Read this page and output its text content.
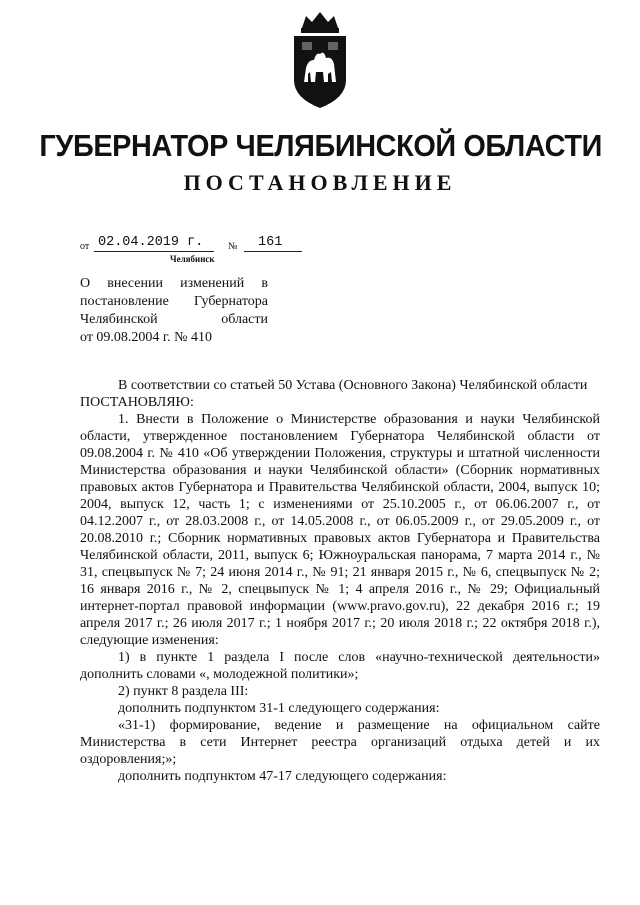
ГУБЕРНАТОР ЧЕЛЯБИНСКОЙ ОБЛАСТИ
ПОСТАНОВЛЕНИЕ
от 02.04.2019 г. № 161
Челябинск
О внесении изменений в
постановление Губернатора
Челябинской области
от 09.08.2004 г. № 410

В соответствии со статьей 50 Устава (Основного Закона) Челябинской области

ПОСТАНОВЛЯЮ:

1. Внести в Положение о Министерстве образования и науки Челябинской области, утвержденное постановлением Губернатора Челябинской области от 09.08.2004 г. № 410 «Об утверждении Положения, структуры и штатной численности Министерства образования и науки Челябинской области» (Сборник нормативных правовых актов Губернатора и Правительства Челябинской области, 2004, выпуск 10; 2004, выпуск 12, часть 1; с изменениями от 25.10.2005 г., от 06.06.2007 г., от 04.12.2007 г., от 28.03.2008 г., от 14.05.2008 г., от 06.05.2009 г., от 29.05.2009 г., от 20.08.2010 г.; Сборник нормативных правовых актов Губернатора и Правительства Челябинской области, 2011, выпуск 6; Южноуральская панорама, 7 марта 2014 г., № 31, спецвыпуск № 7; 24 июня 2014 г., № 91; 21 января 2015 г., № 6, спецвыпуск № 2; 16 января 2016 г., № 2, спецвыпуск № 1; 4 апреля 2016 г., № 29; Официальный интернет-портал правовой информации (www.pravo.gov.ru), 22 декабря 2016 г.; 19 апреля 2017 г.; 26 июля 2017 г.; 1 ноября 2017 г.; 20 июля 2018 г.; 22 октября 2018 г.), следующие изменения:

1) в пункте 1 раздела I после слов «научно-технической деятельности» дополнить словами «, молодежной политики»;

2) пункт 8 раздела III:

дополнить подпунктом 31-1 следующего содержания:

«31-1) формирование, ведение и размещение на официальном сайте Министерства в сети Интернет реестра организаций отдыха детей и их оздоровления;»;

дополнить подпунктом 47-17 следующего содержания:
